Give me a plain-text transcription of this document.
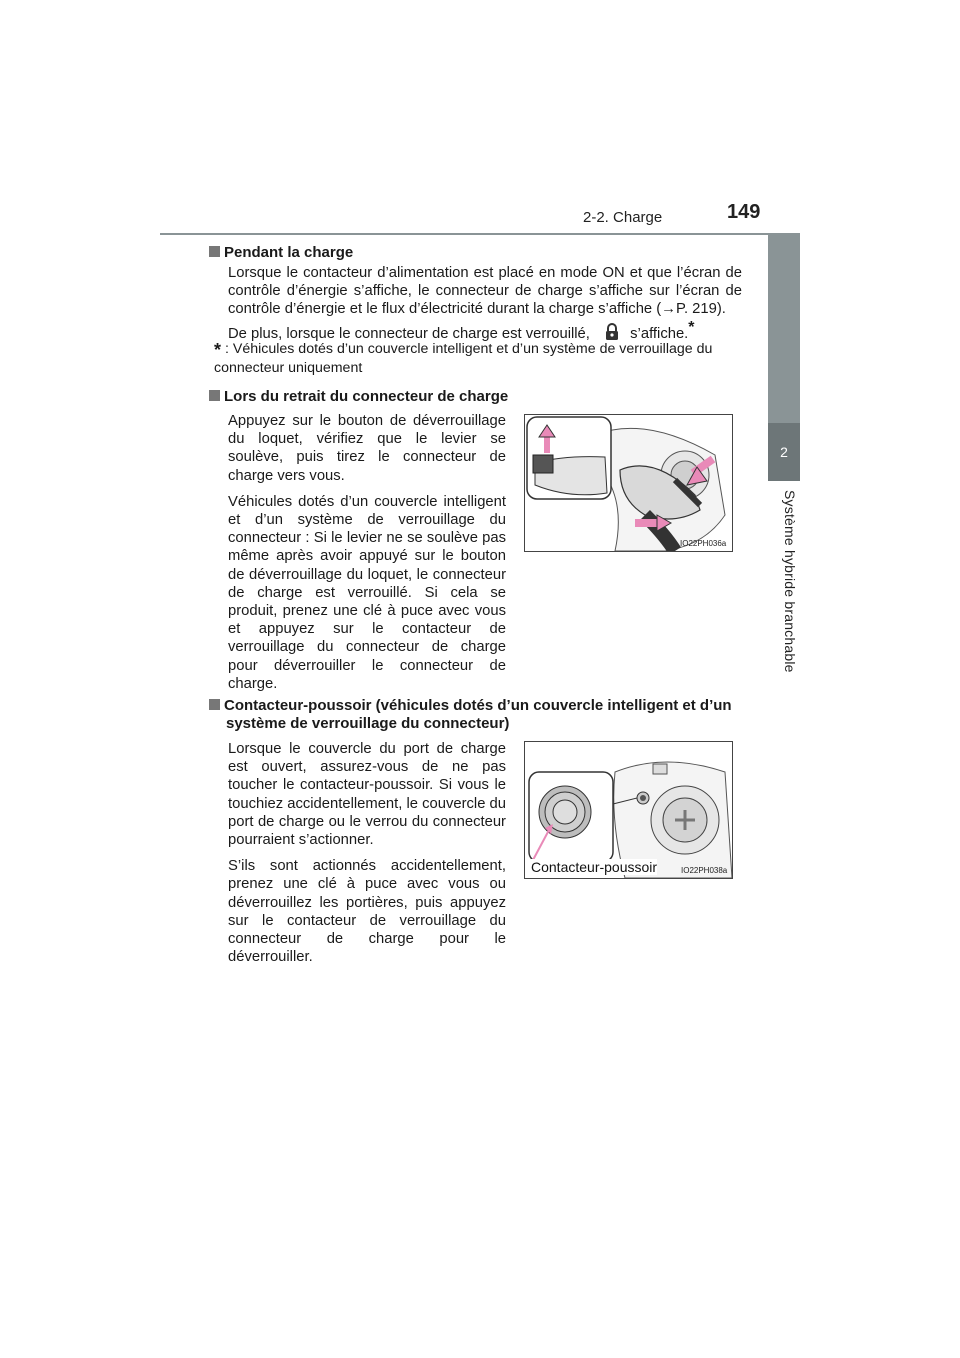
2-2. Charge	149
2
Système hybride branchable
Pendant la charge

Lorsque le contacteur d’alimentation est placé en mode ON et que l’écran de contrôle d’énergie s’affiche, le connecteur de charge s’affiche sur l’écran de contrôle d’énergie et le flux d’électricité durant la charge s’affiche (→P. 219).

De plus, lorsque le connecteur de charge est verrouillé,	s’affiche.*

* : Véhicules dotés d’un couvercle intelligent et d’un système de verrouillage du connecteur uniquement
Lors du retrait du connecteur de charge

Appuyez sur le bouton de déverrouillage du loquet, vérifiez que le levier se soulève, puis tirez le connecteur de charge vers vous.

Véhicules dotés d’un couvercle intelligent et d’un système de verrouillage du connecteur : Si le levier ne se soulève pas même après avoir appuyé sur le bouton de déverrouillage du loquet, le connecteur de charge est verrouillé. Si cela se produit, prenez une clé à puce avec vous et appuyez sur le contacteur de verrouillage du connecteur de charge pour déverrouiller le connecteur de charge.

IO22PH036a
Contacteur-poussoir (véhicules dotés d’un couvercle intelligent et d’un
système de verrouillage du connecteur)

Lorsque le couvercle du port de charge est ouvert, assurez-vous de ne pas toucher le contacteur-poussoir. Si vous le touchiez accidentellement, le couvercle du port de charge ou le verrou du connecteur pourraient s’actionner.

S’ils sont actionnés accidentellement, prenez une clé à puce avec vous ou déverrouillez les portières, puis appuyez sur le contacteur de verrouillage du connecteur de charge pour le déverrouiller.

Contacteur-poussoir	IO22PH038a
